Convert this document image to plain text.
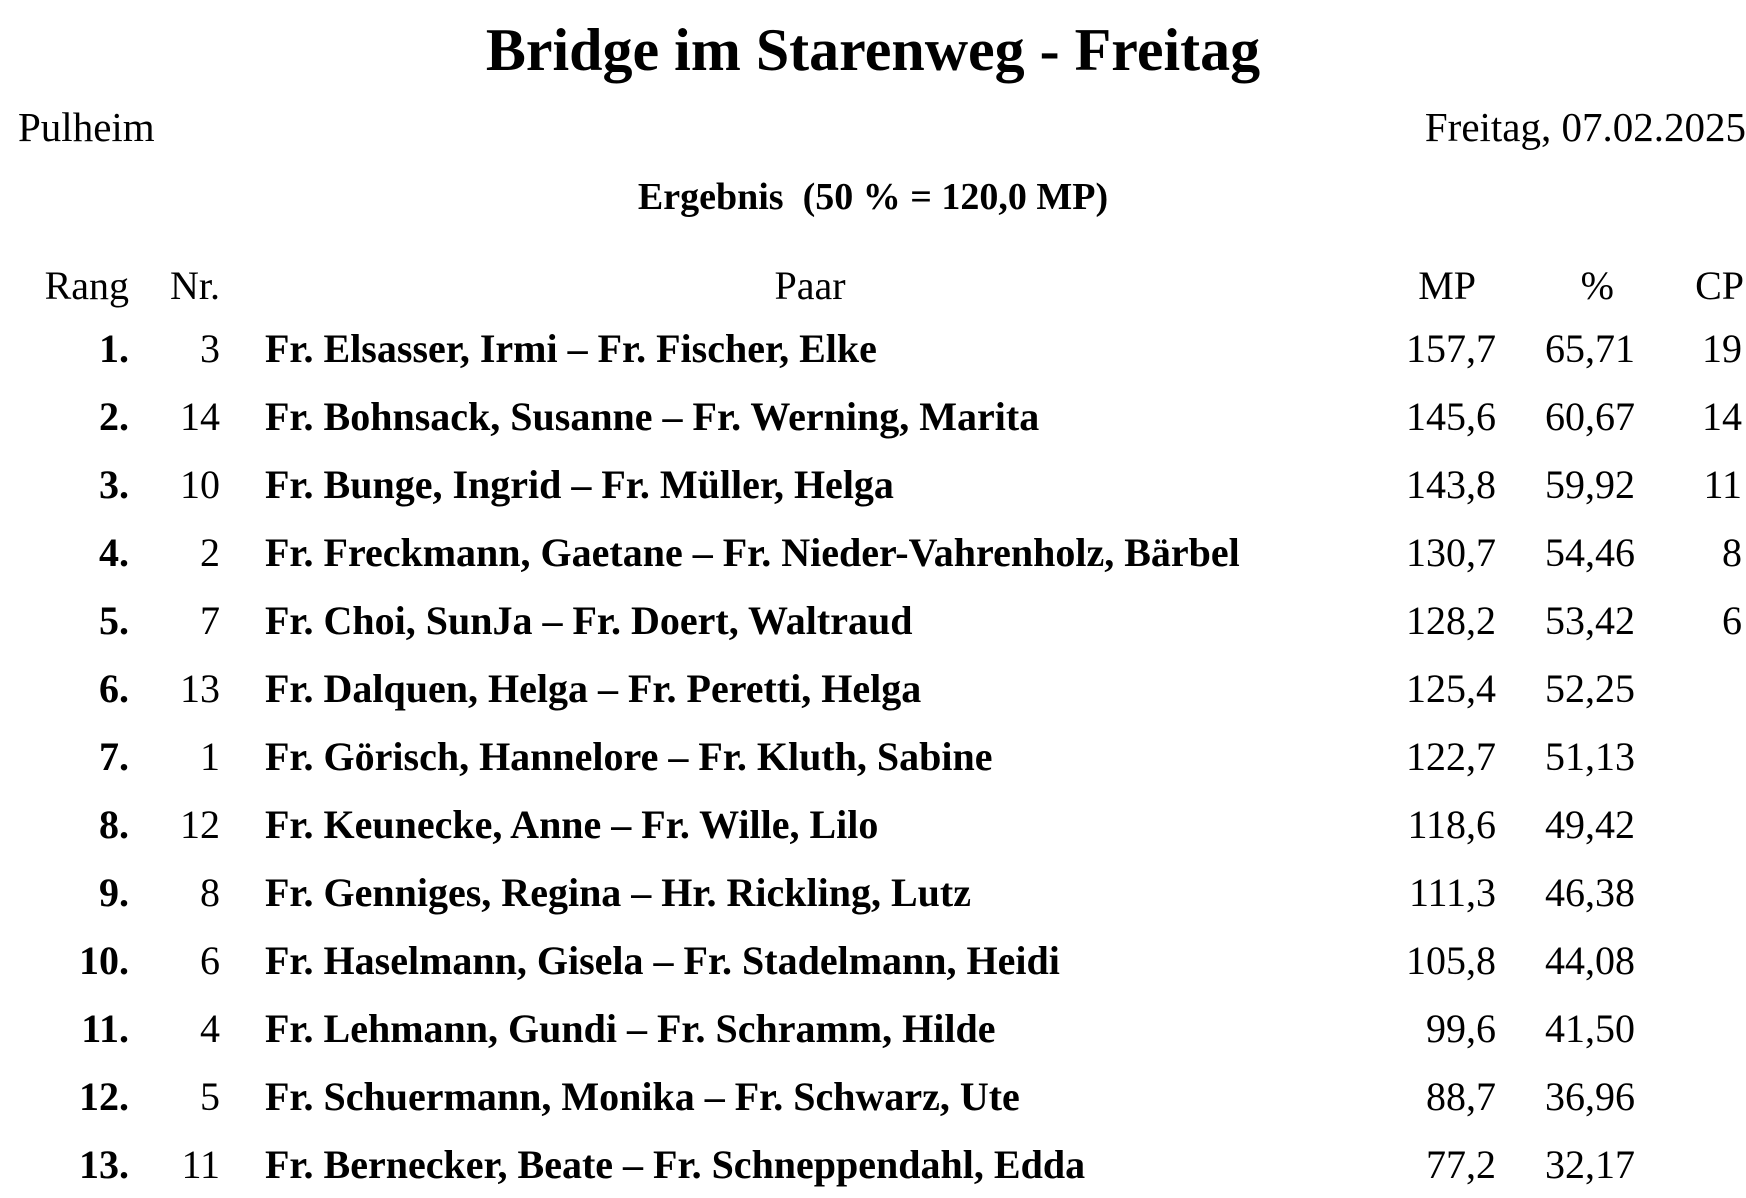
Bridge im Starenweg - Freitag
Pulheim	Freitag, 07.02.2025
Ergebnis  (50 % = 120,0 MP)
Rang Nr.	Paar	MP	% CP
1. 3 Fr. Elsasser, Irmi – Fr. Fischer, Elke	157,7 65,71 19
2. 14 Fr. Bohnsack, Susanne – Fr. Werning, Marita	145,6 60,67 14
3. 10 Fr. Bunge, Ingrid – Fr. Müller, Helga	143,8 59,92 11
4. 2 Fr. Freckmann, Gaetane – Fr. Nieder-Vahrenholz, Bärbel	130,7 54,46 8
5. 7 Fr. Choi, SunJa – Fr. Doert, Waltraud	128,2 53,42 6
6. 13 Fr. Dalquen, Helga – Fr. Peretti, Helga	125,4 52,25
7. 1 Fr. Görisch, Hannelore – Fr. Kluth, Sabine	122,7 51,13
8. 12 Fr. Keunecke, Anne – Fr. Wille, Lilo	118,6 49,42
9. 8 Fr. Genniges, Regina – Hr. Rickling, Lutz	111,3 46,38
10. 6 Fr. Haselmann, Gisela – Fr. Stadelmann, Heidi	105,8 44,08
11. 4 Fr. Lehmann, Gundi – Fr. Schramm, Hilde	99,6 41,50
12. 5 Fr. Schuermann, Monika – Fr. Schwarz, Ute	88,7 36,96
13. 11 Fr. Bernecker, Beate – Fr. Schneppendahl, Edda	77,2 32,17
